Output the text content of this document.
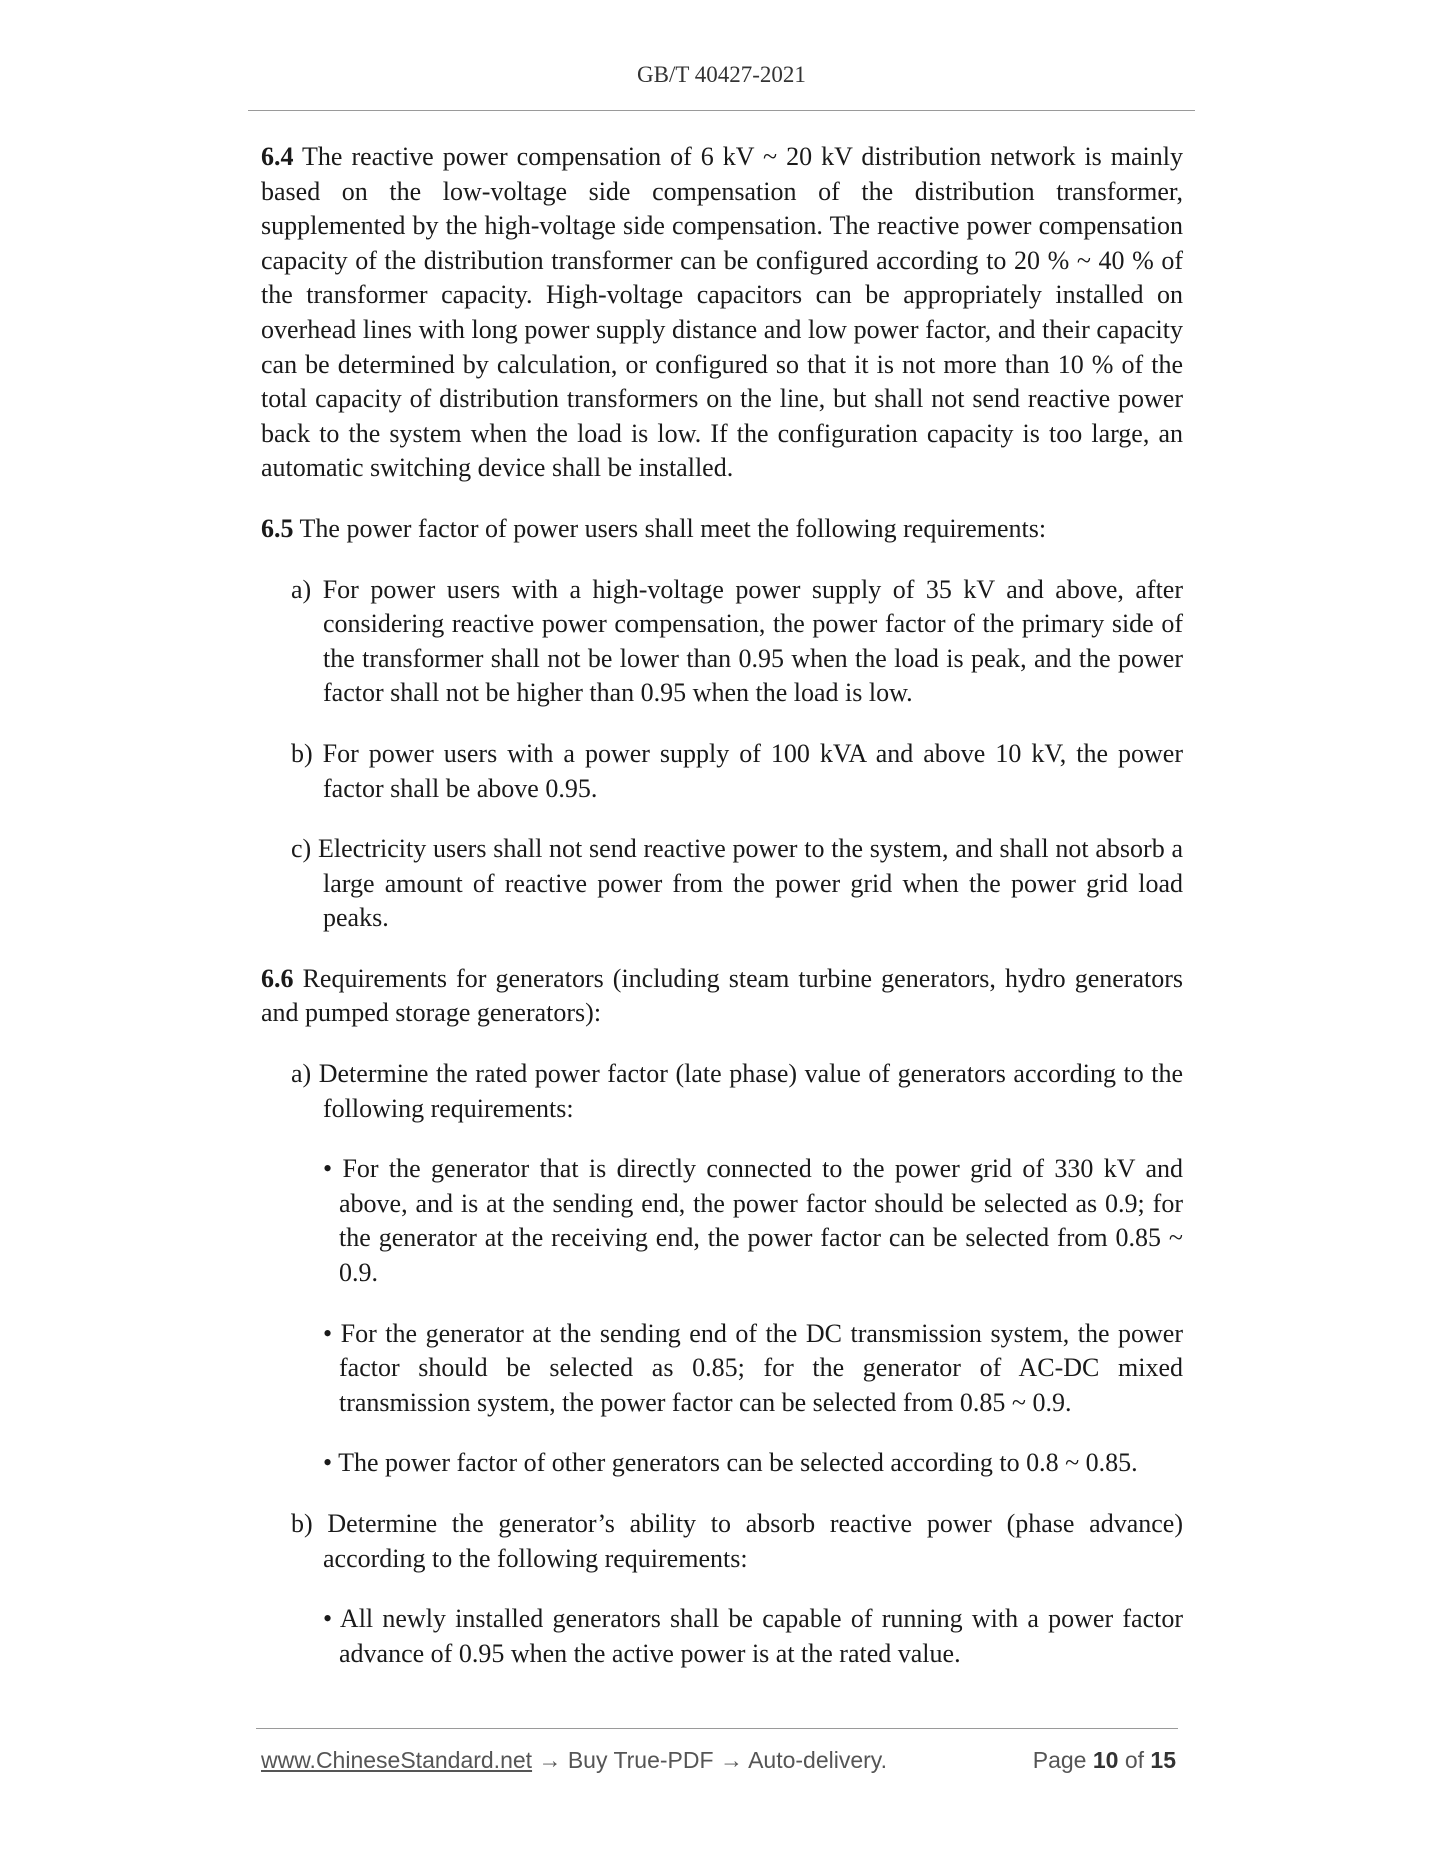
GB/T 40427-2021

6.4 The reactive power compensation of 6 kV ~ 20 kV distribution network is mainly based on the low-voltage side compensation of the distribution transformer, supplemented by the high-voltage side compensation. The reactive power compensation capacity of the distribution transformer can be configured according to 20 % ~ 40 % of the transformer capacity. High-voltage capacitors can be appropriately installed on overhead lines with long power supply distance and low power factor, and their capacity can be determined by calculation, or configured so that it is not more than 10 % of the total capacity of distribution transformers on the line, but shall not send reactive power back to the system when the load is low. If the configuration capacity is too large, an automatic switching device shall be installed.

6.5 The power factor of power users shall meet the following requirements:

a) For power users with a high-voltage power supply of 35 kV and above, after considering reactive power compensation, the power factor of the primary side of the transformer shall not be lower than 0.95 when the load is peak, and the power factor shall not be higher than 0.95 when the load is low.

b) For power users with a power supply of 100 kVA and above 10 kV, the power factor shall be above 0.95.

c) Electricity users shall not send reactive power to the system, and shall not absorb a large amount of reactive power from the power grid when the power grid load peaks.

6.6 Requirements for generators (including steam turbine generators, hydro generators and pumped storage generators):

a) Determine the rated power factor (late phase) value of generators according to the following requirements:

• For the generator that is directly connected to the power grid of 330 kV and above, and is at the sending end, the power factor should be selected as 0.9; for the generator at the receiving end, the power factor can be selected from 0.85 ~ 0.9.

• For the generator at the sending end of the DC transmission system, the power factor should be selected as 0.85; for the generator of AC-DC mixed transmission system, the power factor can be selected from 0.85 ~ 0.9.

• The power factor of other generators can be selected according to 0.8 ~ 0.85.

b) Determine the generator’s ability to absorb reactive power (phase advance) according to the following requirements:

• All newly installed generators shall be capable of running with a power factor advance of 0.95 when the active power is at the rated value.

www.ChineseStandard.net → Buy True-PDF → Auto-delivery.	Page 10 of 15
